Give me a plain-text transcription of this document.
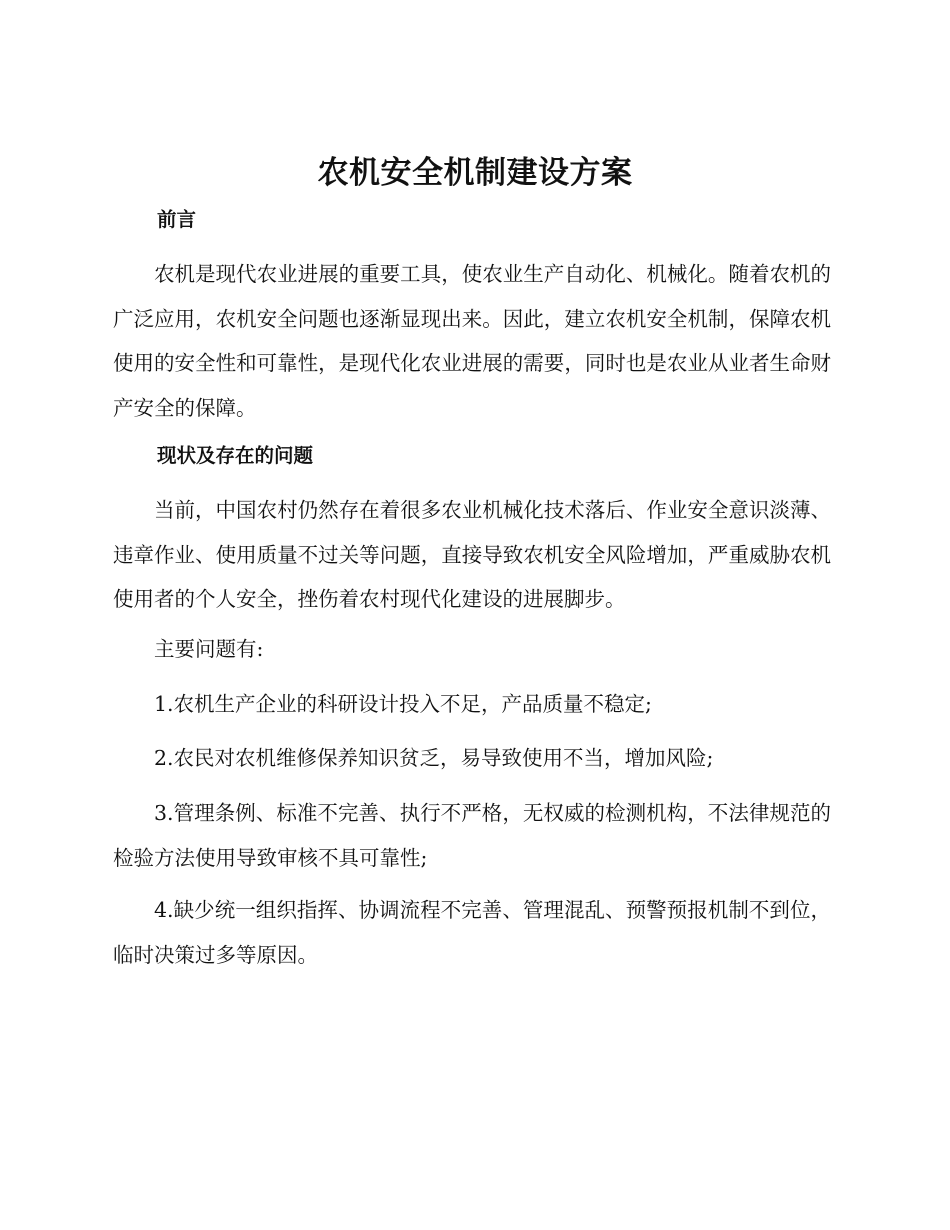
农机安全机制建设方案
前言

农机是现代农业进展的重要工具，使农业生产自动化、机械化。随着农机的广泛应用，农机安全问题也逐渐显现出来。因此，建立农机安全机制，保障农机使用的安全性和可靠性，是现代化农业进展的需要，同时也是农业从业者生命财产安全的保障。

现状及存在的问题

当前，中国农村仍然存在着很多农业机械化技术落后、作业安全意识淡薄、违章作业、使用质量不过关等问题，直接导致农机安全风险增加，严重威胁农机使用者的个人安全，挫伤着农村现代化建设的进展脚步。

主要问题有:

1.农机生产企业的科研设计投入不足，产品质量不稳定;

2.农民对农机维修保养知识贫乏，易导致使用不当，增加风险;

3.管理条例、标准不完善、执行不严格，无权威的检测机构，不法律规范的检验方法使用导致审核不具可靠性;

4.缺少统一组织指挥、协调流程不完善、管理混乱、预警预报机制不到位，临时决策过多等原因。
